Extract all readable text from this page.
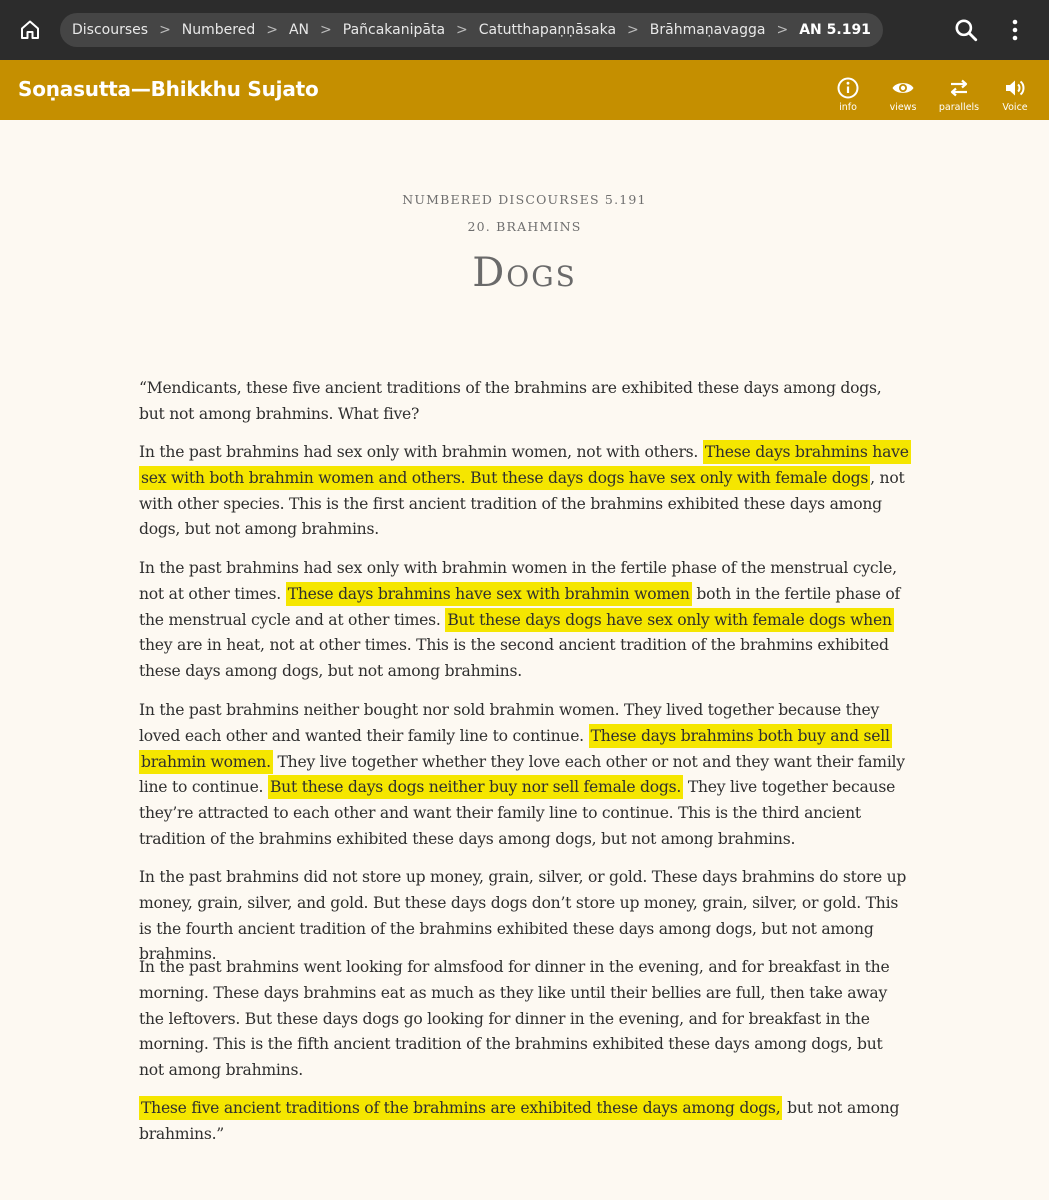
Discourses > Numbered > AN > Pañcakanipāta > Catutthapaṇṇāsaka > Brāhmaṇavagga > AN 5.191
Soṇasutta—Bhikkhu Sujato
info	views parallels Voice
NUMBERED DISCOURSES 5.191
20. BRAHMINS
Dogs

“Mendicants, these five ancient traditions of the brahmins are exhibited these days among dogs, but not among brahmins. What five?

In the past brahmins had sex only with brahmin women, not with others. These days brahmins have sex with both brahmin women and others. But these days dogs have sex only with female dogs , not with other species. This is the first ancient tradition of the brahmins exhibited these days among dogs, but not among brahmins.

In the past brahmins had sex only with brahmin women in the fertile phase of the menstrual cycle, not at other times. These days brahmins have sex with brahmin women both in the fertile phase of the menstrual cycle and at other times. But these days dogs have sex only with female dogs when they are in heat, not at other times. This is the second ancient tradition of the brahmins exhibited these days among dogs, but not among brahmins.

In the past brahmins neither bought nor sold brahmin women. They lived together because they loved each other and wanted their family line to continue. These days brahmins both buy and sell brahmin women. They live together whether they love each other or not and they want their family line to continue. But these days dogs neither buy nor sell female dogs. They live together because they’re attracted to each other and want their family line to continue. This is the third ancient tradition of the brahmins exhibited these days among dogs, but not among brahmins.

In the past brahmins did not store up money, grain, silver, or gold. These days brahmins do store up money, grain, silver, and gold. But these days dogs don’t store up money, grain, silver, or gold. This is the fourth ancient tradition of the brahmins exhibited these days among dogs, but not among brahmins.

In the past brahmins went looking for almsfood for dinner in the evening, and for breakfast in the morning. These days brahmins eat as much as they like until their bellies are full, then take away the leftovers. But these days dogs go looking for dinner in the evening, and for breakfast in the morning. This is the fifth ancient tradition of the brahmins exhibited these days among dogs, but not among brahmins.

These five ancient traditions of the brahmins are exhibited these days among dogs, but not among brahmins.”
